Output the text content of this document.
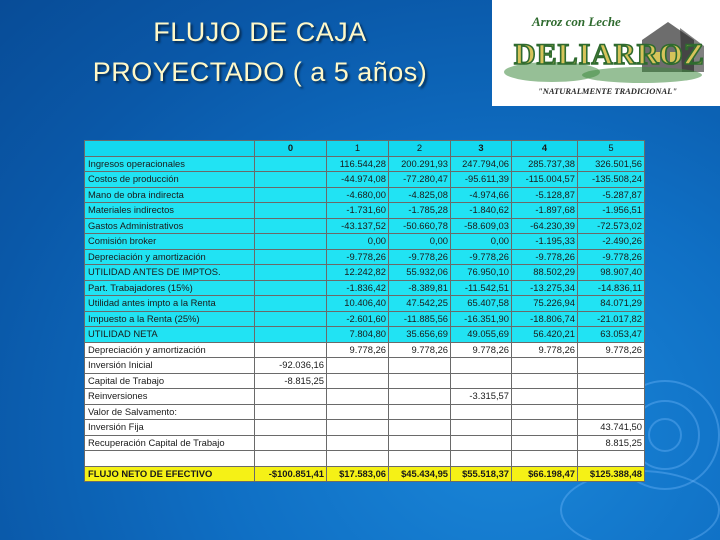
FLUJO DE CAJA
PROYECTADO ( a 5 años)
Arroz con Leche
DELIARROZ
"NATURALMENTE TRADICIONAL"
	0	1	2	3	4	5
Ingresos operacionales		116.544,28	200.291,93	247.794,06	285.737,38	326.501,56
Costos de producción		-44.974,08	-77.280,47	-95.611,39	-115.004,57	-135.508,24
Mano de obra indirecta		-4.680,00	-4.825,08	-4.974,66	-5.128,87	-5.287,87
Materiales indirectos		-1.731,60	-1.785,28	-1.840,62	-1.897,68	-1.956,51
Gastos Administrativos		-43.137,52	-50.660,78	-58.609,03	-64.230,39	-72.573,02
Comisión broker		0,00	0,00	0,00	-1.195,33	-2.490,26
Depreciación y amortización		-9.778,26	-9.778,26	-9.778,26	-9.778,26	-9.778,26
UTILIDAD ANTES DE IMPTOS.		12.242,82	55.932,06	76.950,10	88.502,29	98.907,40
Part. Trabajadores (15%)		-1.836,42	-8.389,81	-11.542,51	-13.275,34	-14.836,11
Utilidad antes impto a la Renta		10.406,40	47.542,25	65.407,58	75.226,94	84.071,29
Impuesto a la Renta (25%)		-2.601,60	-11.885,56	-16.351,90	-18.806,74	-21.017,82
UTILIDAD NETA		7.804,80	35.656,69	49.055,69	56.420,21	63.053,47
Depreciación y amortización		9.778,26	9.778,26	9.778,26	9.778,26	9.778,26
Inversión Inicial	-92.036,16					
Capital de Trabajo	-8.815,25					
Reinversiones				-3.315,57		
Valor de Salvamento:						
Inversión Fija						43.741,50
Recuperación Capital de Trabajo						8.815,25

FLUJO NETO DE EFECTIVO	-$100.851,41	$17.583,06	$45.434,95	$55.518,37	$66.198,47	$125.388,48
